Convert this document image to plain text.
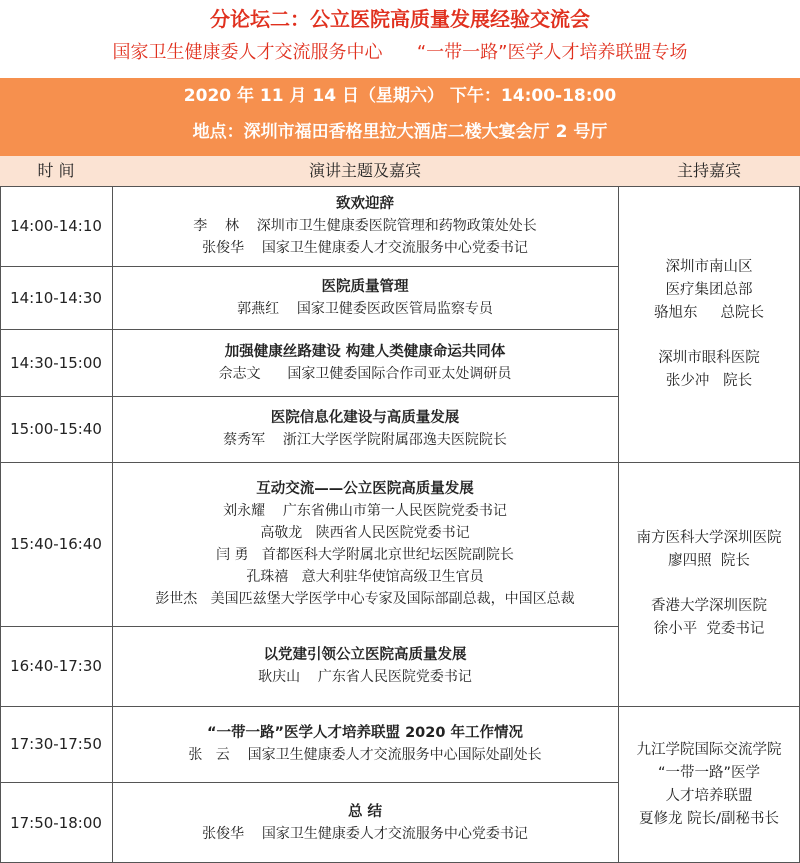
分论坛二：公立医院高质量发展经验交流会
国家卫生健康委人才交流服务中心      “一带一路”医学人才培养联盟专场
2020 年 11 月 14 日（星期六） 下午：14:00-18:00
地点：深圳市福田香格里拉大酒店二楼大宴会厅 2 号厅
时 间	演讲主题及嘉宾	主持嘉宾
14:00-14:10
致欢迎辞
李    林    深圳市卫生健康委医院管理和药物政策处处长
张俊华    国家卫生健康委人才交流服务中心党委书记
14:10-14:30
医院质量管理
郭燕红    国家卫健委医政医管局监察专员
14:30-15:00
加强健康丝路建设 构建人类健康命运共同体
佘志文      国家卫健委国际合作司亚太处调研员
15:00-15:40
医院信息化建设与高质量发展
蔡秀军    浙江大学医学院附属邵逸夫医院院长
15:40-16:40
互动交流——公立医院高质量发展
刘永耀    广东省佛山市第一人民医院党委书记
高敬龙   陕西省人民医院党委书记
闫 勇   首都医科大学附属北京世纪坛医院副院长
孔珠禧   意大利驻华使馆高级卫生官员
彭世杰   美国匹兹堡大学医学中心专家及国际部副总裁，中国区总裁
16:40-17:30
以党建引领公立医院高质量发展
耿庆山    广东省人民医院党委书记
17:30-17:50
“一带一路”医学人才培养联盟 2020 年工作情况
张   云    国家卫生健康委人才交流服务中心国际处副处长
17:50-18:00
总 结
张俊华    国家卫生健康委人才交流服务中心党委书记
深圳市南山区
医疗集团总部
骆旭东     总院长
深圳市眼科医院
张少冲   院长
南方医科大学深圳医院
廖四照  院长
香港大学深圳医院
徐小平  党委书记
九江学院国际交流学院
“一带一路”医学
人才培养联盟
夏修龙 院长/副秘书长
